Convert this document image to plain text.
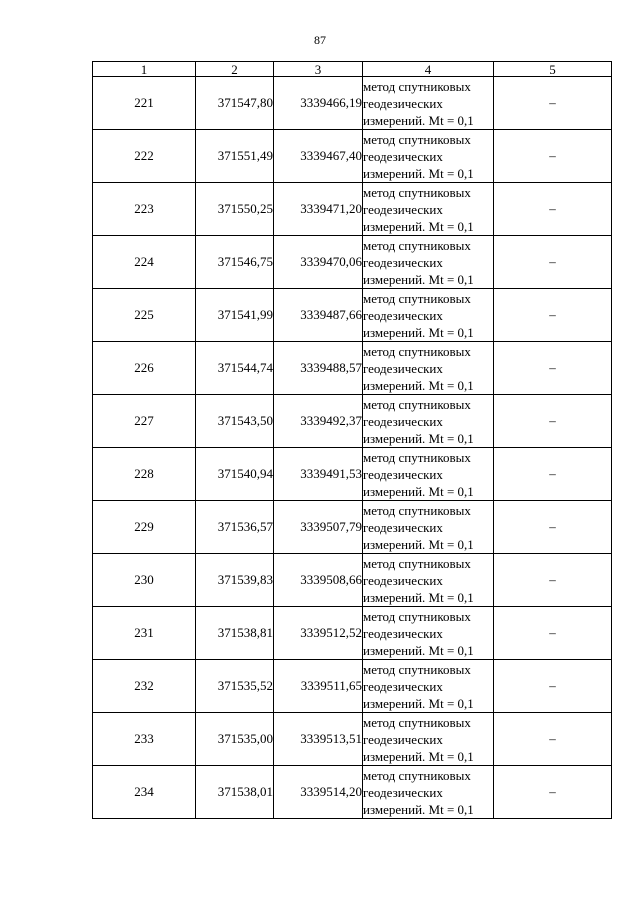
87
1	2	3	4	5
221	371547,80	3339466,19	метод спутниковых
геодезических
измерений. Mt = 0,1	–
222	371551,49	3339467,40	метод спутниковых
геодезических
измерений. Mt = 0,1	–
223	371550,25	3339471,20	метод спутниковых
геодезических
измерений. Mt = 0,1	–
224	371546,75	3339470,06	метод спутниковых
геодезических
измерений. Mt = 0,1	–
225	371541,99	3339487,66	метод спутниковых
геодезических
измерений. Mt = 0,1	–
226	371544,74	3339488,57	метод спутниковых
геодезических
измерений. Mt = 0,1	–
227	371543,50	3339492,37	метод спутниковых
геодезических
измерений. Mt = 0,1	–
228	371540,94	3339491,53	метод спутниковых
геодезических
измерений. Mt = 0,1	–
229	371536,57	3339507,79	метод спутниковых
геодезических
измерений. Mt = 0,1	–
230	371539,83	3339508,66	метод спутниковых
геодезических
измерений. Mt = 0,1	–
231	371538,81	3339512,52	метод спутниковых
геодезических
измерений. Mt = 0,1	–
232	371535,52	3339511,65	метод спутниковых
геодезических
измерений. Mt = 0,1	–
233	371535,00	3339513,51	метод спутниковых
геодезических
измерений. Mt = 0,1	–
234	371538,01	3339514,20	метод спутниковых
геодезических
измерений. Mt = 0,1	–
